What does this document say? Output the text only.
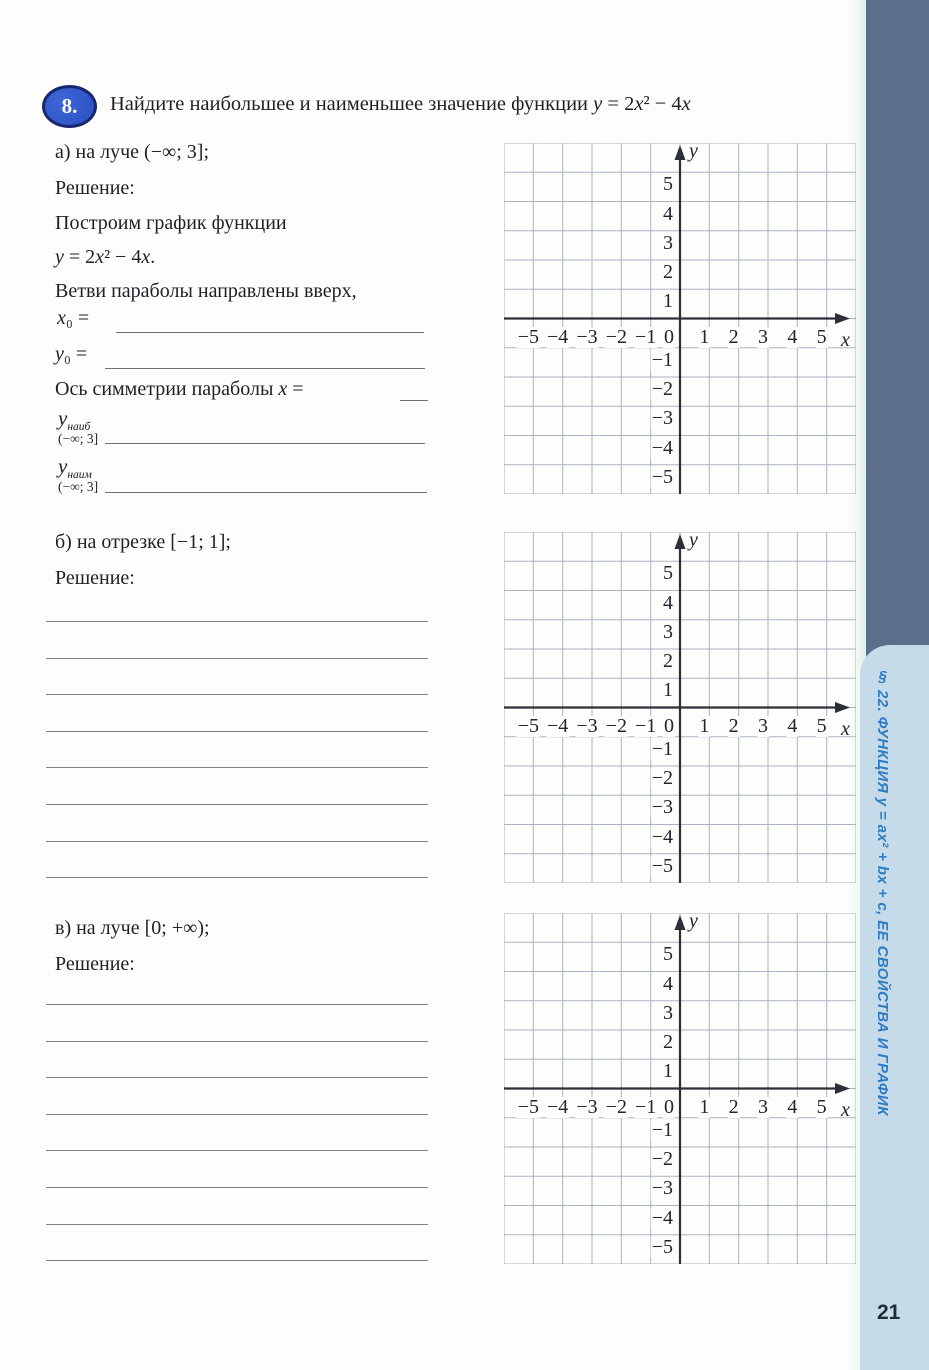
§ 22. ФУНКЦИЯ y = ax² + bx + c, ЕЕ СВОЙСТВА И ГРАФИК
21
8. Найдите наибольшее и наименьшее значение функции y = 2x² − 4x
а) на луче (−∞; 3];
Решение:
Построим график функции
y = 2x² − 4x.
Ветви параболы направлены вверх,
x₀ =
y₀ =
Ось симметрии параболы x =
$y_{наиб}$
(−∞; 3]
$y_{наим}$
(−∞; 3]
б) на отрезке [−1; 1];
Решение:
в) на луче [0; +∞);
Решение:
5
4
3
2
1
−1
−2
−3
−4
−5
−5 −4 −3 −2 −1 1 2 3 4 5
0
y
x
5
4
3
2
1
−1
−2
−3
−4
−5
−5 −4 −3 −2 −1 1 2 3 4 5
0
y
x
5
4
3
2
1
−1
−2
−3
−4
−5
−5 −4 −3 −2 −1 1 2 3 4 5
0
y
x
